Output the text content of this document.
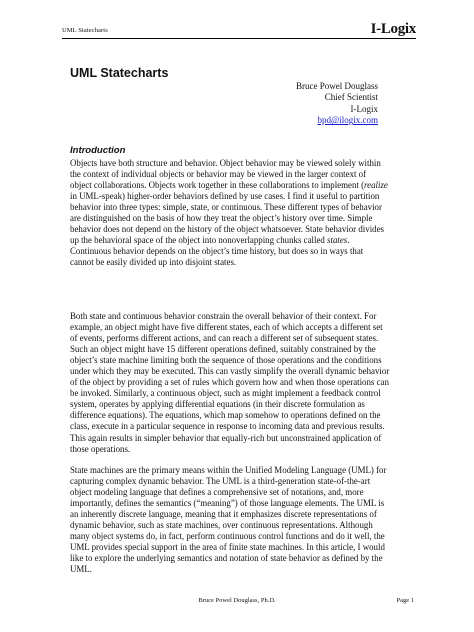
UML Statecharts	I-Logix
UML Statecharts
Bruce Powel Douglass
Chief Scientist
I-Logix
bpd@ilogix.com
Introduction
Objects have both structure and behavior. Object behavior may be viewed solely within
the context of individual objects or behavior may be viewed in the larger context of
object collaborations. Objects work together in these collaborations to implement (realize
in UML-speak) higher-order behaviors defined by use cases. I find it useful to partition
behavior into three types: simple, state, or continuous. These different types of behavior
are distinguished on the basis of how they treat the object’s history over time. Simple
behavior does not depend on the history of the object whatsoever. State behavior divides
up the behavioral space of the object into nonoverlapping chunks called states.
Continuous behavior depends on the object’s time history, but does so in ways that
cannot be easily divided up into disjoint states.
Both state and continuous behavior constrain the overall behavior of their context. For
example, an object might have five different states, each of which accepts a different set
of events, performs different actions, and can reach a different set of subsequent states.
Such an object might have 15 different operations defined, suitably constrained by the
object’s state machine limiting both the sequence of those operations and the conditions
under which they may be executed. This can vastly simplify the overall dynamic behavior
of the object by providing a set of rules which govern how and when those operations can
be invoked. Similarly, a continuous object, such as might implement a feedback control
system, operates by applying differential equations (in their discrete formulation as
difference equations). The equations, which map somehow to operations defined on the
class, execute in a particular sequence in response to incoming data and previous results.
This again results in simpler behavior that equally-rich but unconstrained application of
those operations.
State machines are the primary means within the Unified Modeling Language (UML) for
capturing complex dynamic behavior. The UML is a third-generation state-of-the-art
object modeling language that defines a comprehensive set of notations, and, more
importantly, defines the semantics (“meaning”) of those language elements. The UML is
an inherently discrete language, meaning that it emphasizes discrete representations of
dynamic behavior, such as state machines, over continuous representations. Although
many object systems do, in fact, perform continuous control functions and do it well, the
UML provides special support in the area of finite state machines. In this article, I would
like to explore the underlying semantics and notation of state behavior as defined by the
UML.
Bruce Powel Douglass, Ph.D.	Page 1
